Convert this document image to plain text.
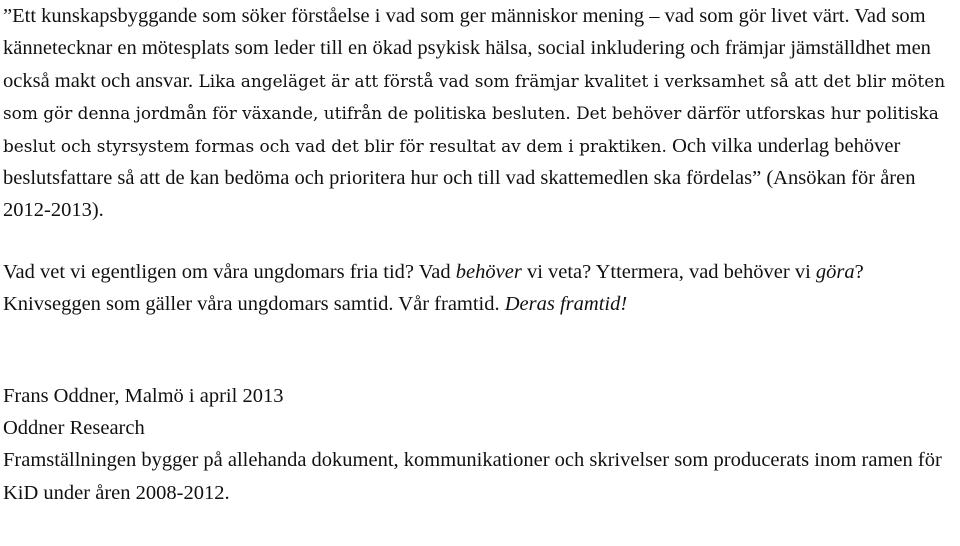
”Ett kunskapsbyggande som söker förståelse i vad som ger människor mening – vad som gör livet värt. Vad som kännetecknar en mötesplats som leder till en ökad psykisk hälsa, social inkludering och främjar jämställdhet men också makt och ansvar. Lika angeläget är att förstå vad som främjar kvalitet i verksamhet så att det blir möten som gör denna jordmån för växande, utifrån de politiska besluten. Det behöver därför utforskas hur politiska beslut och styrsystem formas och vad det blir för resultat av dem i praktiken. Och vilka underlag behöver beslutsfattare så att de kan bedöma och prioritera hur och till vad skattemedlen ska fördelas” (Ansökan för åren 2012-2013).

Vad vet vi egentligen om våra ungdomars fria tid? Vad behöver vi veta? Yttermera, vad behöver vi göra? Knivseggen som gäller våra ungdomars samtid. Vår framtid. Deras framtid!

Frans Oddner, Malmö i april 2013
Oddner Research
Framställningen bygger på allehanda dokument, kommunikationer och skrivelser som producerats inom ramen för KiD under åren 2008-2012.
